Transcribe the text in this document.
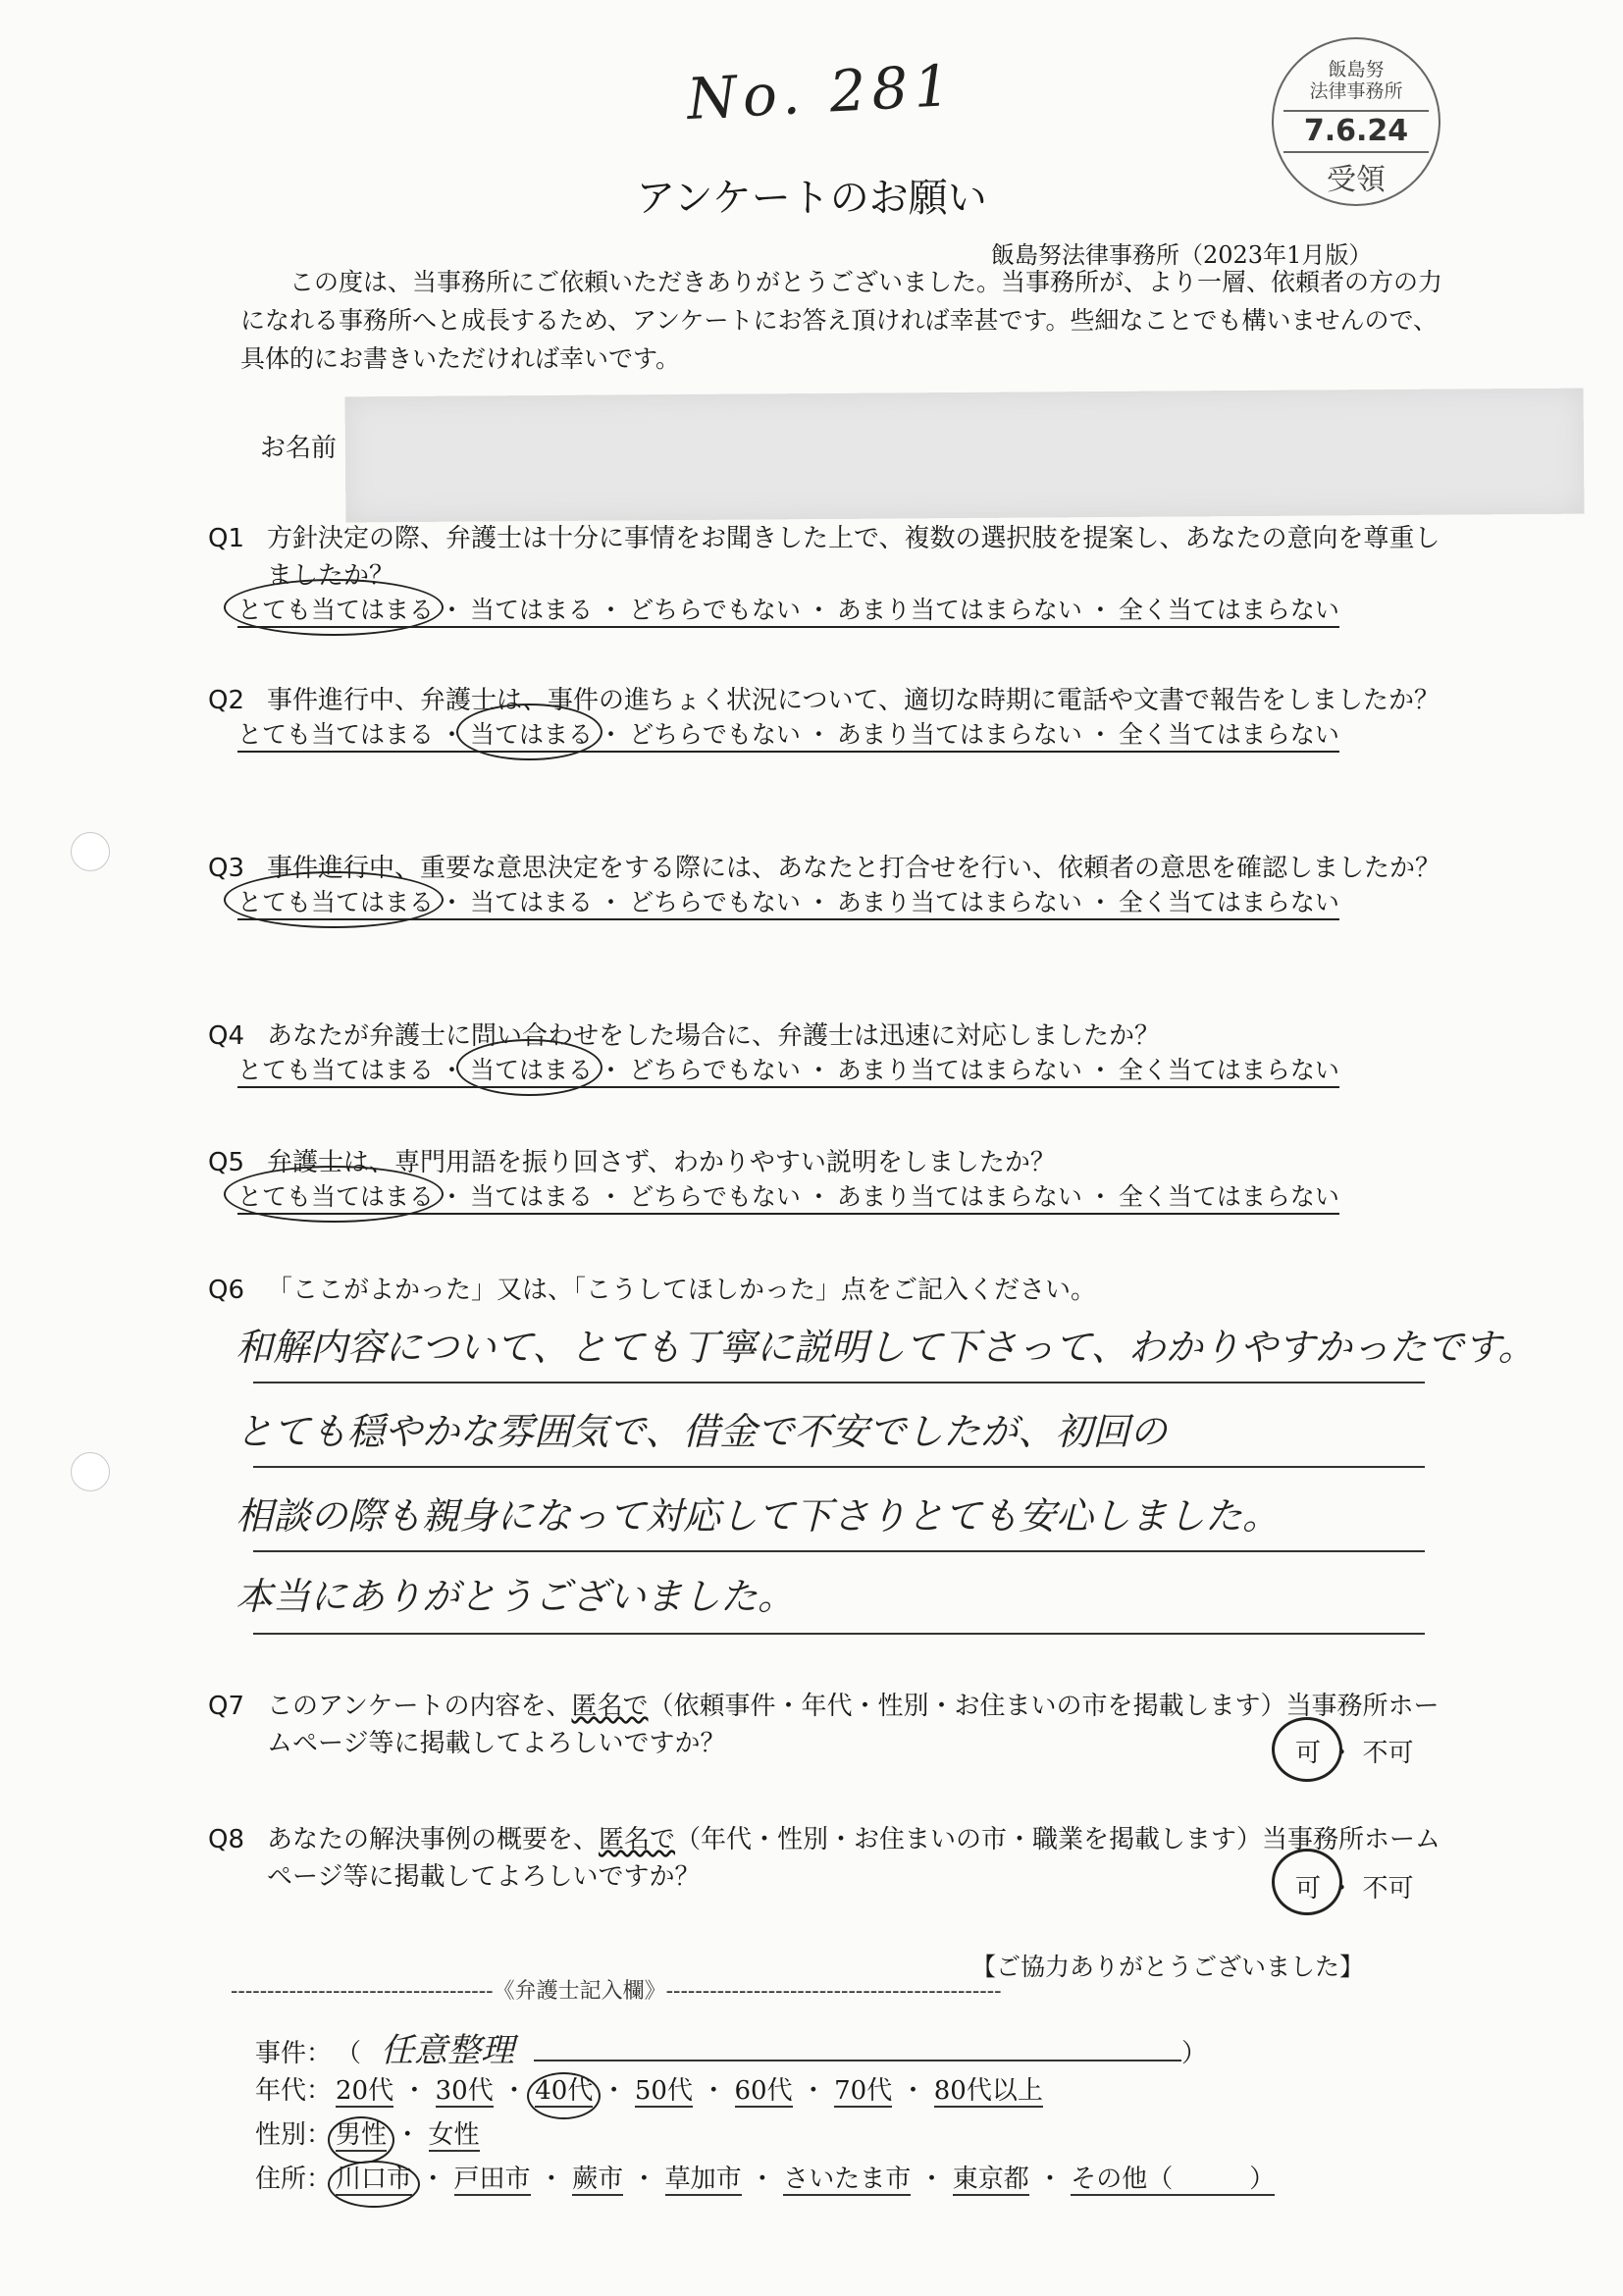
No. 281	飯島努
法律事務所
7.6.24
受領
アンケートのお願い
飯島努法律事務所（2023年1月版）
この度は、当事務所にご依頼いただきありがとうございました。当事務所が、より一層、依頼者の方の力になれる事務所へと成長するため、アンケートにお答え頂ければ幸甚です。些細なことでも構いませんので、具体的にお書きいただければ幸いです。
お名前
Q1 方針決定の際、弁護士は十分に事情をお聞きした上で、複数の選択肢を提案し、あなたの意向を尊重しましたか？
とても当てはまる ・ 当てはまる ・ どちらでもない ・ あまり当てはまらない ・ 全く当てはまらない
Q2 事件進行中、弁護士は、事件の進ちょく状況について、適切な時期に電話や文書で報告をしましたか？
とても当てはまる ・ 当てはまる ・ どちらでもない ・ あまり当てはまらない ・ 全く当てはまらない
Q3 事件進行中、重要な意思決定をする際には、あなたと打合せを行い、依頼者の意思を確認しましたか？
とても当てはまる ・ 当てはまる ・ どちらでもない ・ あまり当てはまらない ・ 全く当てはまらない
Q4 あなたが弁護士に問い合わせをした場合に、弁護士は迅速に対応しましたか？
とても当てはまる ・ 当てはまる ・ どちらでもない ・ あまり当てはまらない ・ 全く当てはまらない
Q5 弁護士は、専門用語を振り回さず、わかりやすい説明をしましたか？
とても当てはまる ・ 当てはまる ・ どちらでもない ・ あまり当てはまらない ・ 全く当てはまらない
Q6 「ここがよかった」又は、「こうしてほしかった」点をご記入ください。
和解内容について、とても丁寧に説明して下さって、わかりやすかったです。
とても穏やかな雰囲気で、借金で不安でしたが、初回の
相談の際も親身になって対応して下さりとても安心しました。
本当にありがとうございました。
Q7 このアンケートの内容を、匿名で（依頼事件・年代・性別・お住まいの市を掲載します）当事務所ホームページ等に掲載してよろしいですか？	可 ・ 不可
Q8 あなたの解決事例の概要を、匿名で（年代・性別・お住まいの市・職業を掲載します）当事務所ホームページ等に掲載してよろしいですか？	可 ・ 不可
【ご協力ありがとうございました】
------------------------------------《弁護士記入欄》----------------------------------------------
事件： （ 任意整理	）
年代： 20代 ・ 30代 ・ 40代
・ 50代 ・ 60代 ・ 70代 ・ 80代以上
性別： 男性
・ 女性
住所： 川口市
・ 戸田市 ・ 蕨市 ・ 草加市 ・ さいたま市 ・ 東京都 ・ その他（　　　）
